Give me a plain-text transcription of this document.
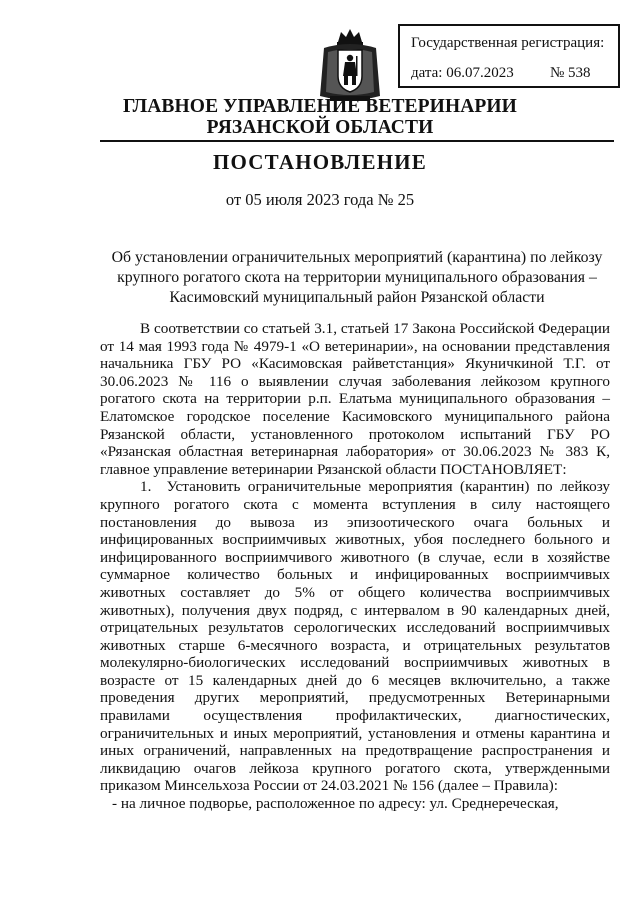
Государственная регистрация:
дата: 06.07.2023 № 538
ГЛАВНОЕ УПРАВЛЕНИЕ ВЕТЕРИНАРИИ
РЯЗАНСКОЙ ОБЛАСТИ
ПОСТАНОВЛЕНИЕ
от 05 июля 2023 года № 25
Об установлении ограничительных мероприятий (карантина) по лейкозу крупного рогатого скота на территории муниципального образования – Касимовский муниципальный район Рязанской области

В соответствии со статьей 3.1, статьей 17 Закона Российской Федерации от 14 мая 1993 года № 4979-1 «О ветеринарии», на основании представления начальника ГБУ РО «Касимовская райветстанция» Якуничкиной Т.Г. от 30.06.2023 № 116 о выявлении случая заболевания лейкозом крупного рогатого скота на территории р.п. Елатьма муниципального образования – Елатомское городское поселение Касимовского муниципального района Рязанской области, установленного протоколом испытаний ГБУ РО «Рязанская областная ветеринарная лаборатория» от 30.06.2023 № 383 К, главное управление ветеринарии Рязанской области ПОСТАНОВЛЯЕТ:

1. Установить ограничительные мероприятия (карантин) по лейкозу крупного рогатого скота с момента вступления в силу настоящего постановления до вывоза из эпизоотического очага больных и инфицированных восприимчивых животных, убоя последнего больного и инфицированного восприимчивого животного (в случае, если в хозяйстве суммарное количество больных и инфицированных восприимчивых животных составляет до 5% от общего количества восприимчивых животных), получения двух подряд, с интервалом в 90 календарных дней, отрицательных результатов серологических исследований восприимчивых животных старше 6-месячного возраста, и отрицательных результатов молекулярно-биологических исследований восприимчивых животных в возрасте от 15 календарных дней до 6 месяцев включительно, а также проведения других мероприятий, предусмотренных Ветеринарными правилами осуществления профилактических, диагностических, ограничительных и иных мероприятий, установления и отмены карантина и иных ограничений, направленных на предотвращение распространения и ликвидацию очагов лейкоза крупного рогатого скота, утвержденными приказом Минсельхоза России от 24.03.2021 № 156 (далее – Правила):

- на личное подворье, расположенное по адресу: ул. Среднереческая,
